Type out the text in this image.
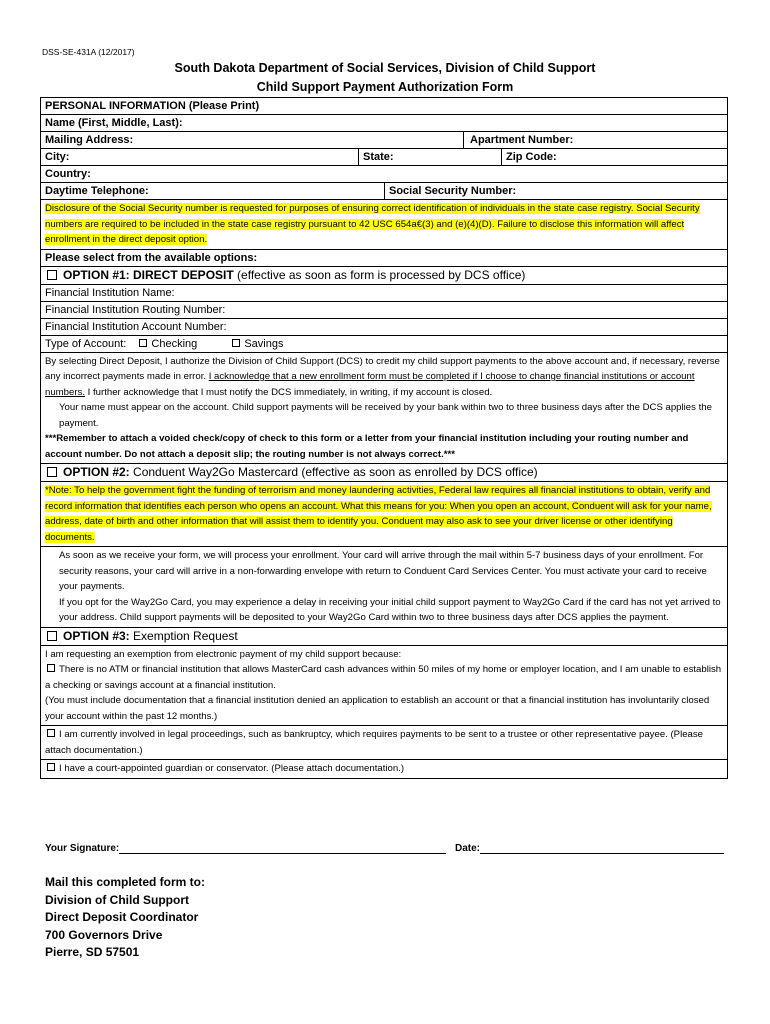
DSS-SE-431A (12/2017)
South Dakota Department of Social Services, Division of Child Support
Child Support Payment Authorization Form
PERSONAL INFORMATION (Please Print)
Name (First, Middle, Last):
Mailing Address:	Apartment Number:
City:	State:	Zip Code:
Country:
Daytime Telephone:	Social Security Number:
Disclosure of the Social Security number is requested for purposes of ensuring correct identification of individuals in the state case registry. Social Security numbers are required to be included in the state case registry pursuant to 42 USC 654a€(3) and (e)(4)(D). Failure to disclose this information will affect enrollment in the direct deposit option.
Please select from the available options:
OPTION #1: DIRECT DEPOSIT (effective as soon as form is processed by DCS office)
Financial Institution Name:
Financial Institution Routing Number:
Financial Institution Account Number:
Type of Account: Checking	Savings
By selecting Direct Deposit, I authorize the Division of Child Support (DCS) to credit my child support payments to the above account and, if necessary, reverse any incorrect payments made in error. I acknowledge that a new enrollment form must be completed if I choose to change financial institutions or account numbers. I further acknowledge that I must notify the DCS immediately, in writing, if my account is closed.
Your name must appear on the account. Child support payments will be received by your bank within two to three business days after the DCS applies the payment.
***Remember to attach a voided check/copy of check to this form or a letter from your financial institution including your routing number and account number. Do not attach a deposit slip; the routing number is not always correct.***
OPTION #2: Conduent Way2Go Mastercard (effective as soon as enrolled by DCS office)
*Note: To help the government fight the funding of terrorism and money laundering activities, Federal law requires all financial institutions to obtain, verify and record information that identifies each person who opens an account. What this means for you: When you open an account, Conduent will ask for your name, address, date of birth and other information that will assist them to identify you. Conduent may also ask to see your driver license or other identifying documents.
As soon as we receive your form, we will process your enrollment. Your card will arrive through the mail within 5-7 business days of your enrollment. For security reasons, your card will arrive in a non-forwarding envelope with return to Conduent Card Services Center. You must activate your card to receive your payments.
If you opt for the Way2Go Card, you may experience a delay in receiving your initial child support payment to Way2Go Card if the card has not yet arrived to your address. Child support payments will be deposited to your Way2Go Card within two to three business days after DCS applies the payment.
OPTION #3: Exemption Request
I am requesting an exemption from electronic payment of my child support because:
There is no ATM or financial institution that allows MasterCard cash advances within 50 miles of my home or employer location, and I am unable to establish a checking or savings account at a financial institution.
(You must include documentation that a financial institution denied an application to establish an account or that a financial institution has involuntarily closed your account within the past 12 months.)
I am currently involved in legal proceedings, such as bankruptcy, which requires payments to be sent to a trustee or other representative payee. (Please attach documentation.)
I have a court-appointed guardian or conservator. (Please attach documentation.)
Your Signature:	Date:
Mail this completed form to:
Division of Child Support
Direct Deposit Coordinator
700 Governors Drive
Pierre, SD 57501
